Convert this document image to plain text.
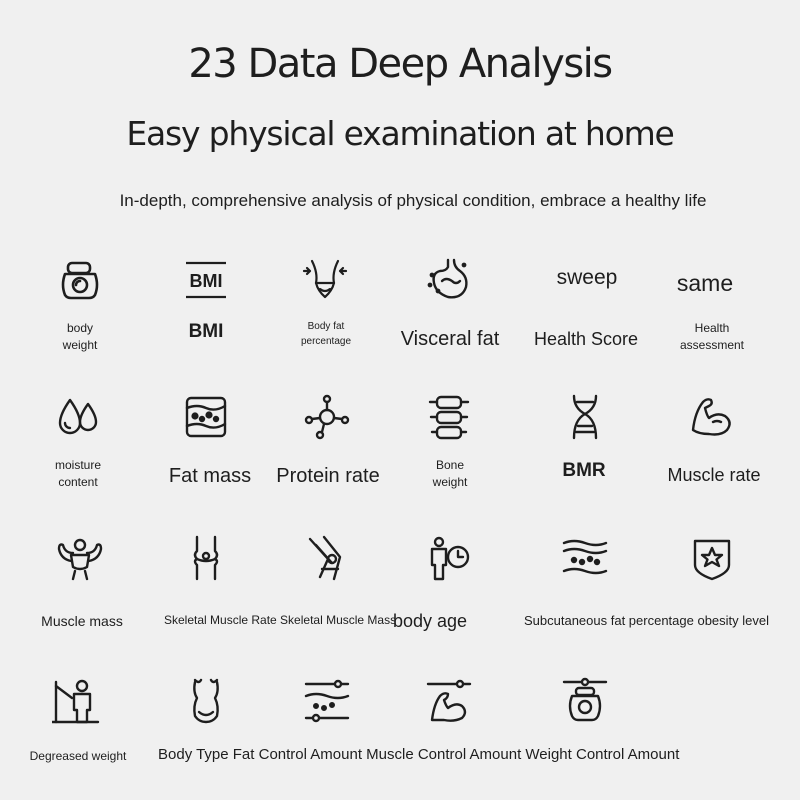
23 Data Deep Analysis
Easy physical examination at home

In-depth, comprehensive analysis of physical condition, embrace a healthy life

body
weight
BMI
BMI	Body fat
percentage	Visceral fat
sweep
Health Score
same
Health
assessment
moisture
content	Fat mass	Protein rate	Bone
weight
BMR	Muscle rate
Muscle mass	Skeletal Muscle Rate Skeletal Muscle Mass
body age	Subcutaneous fat percentage obesity level
Degreased weight Body Type Fat Control Amount Muscle Control Amount Weight Control Amount
